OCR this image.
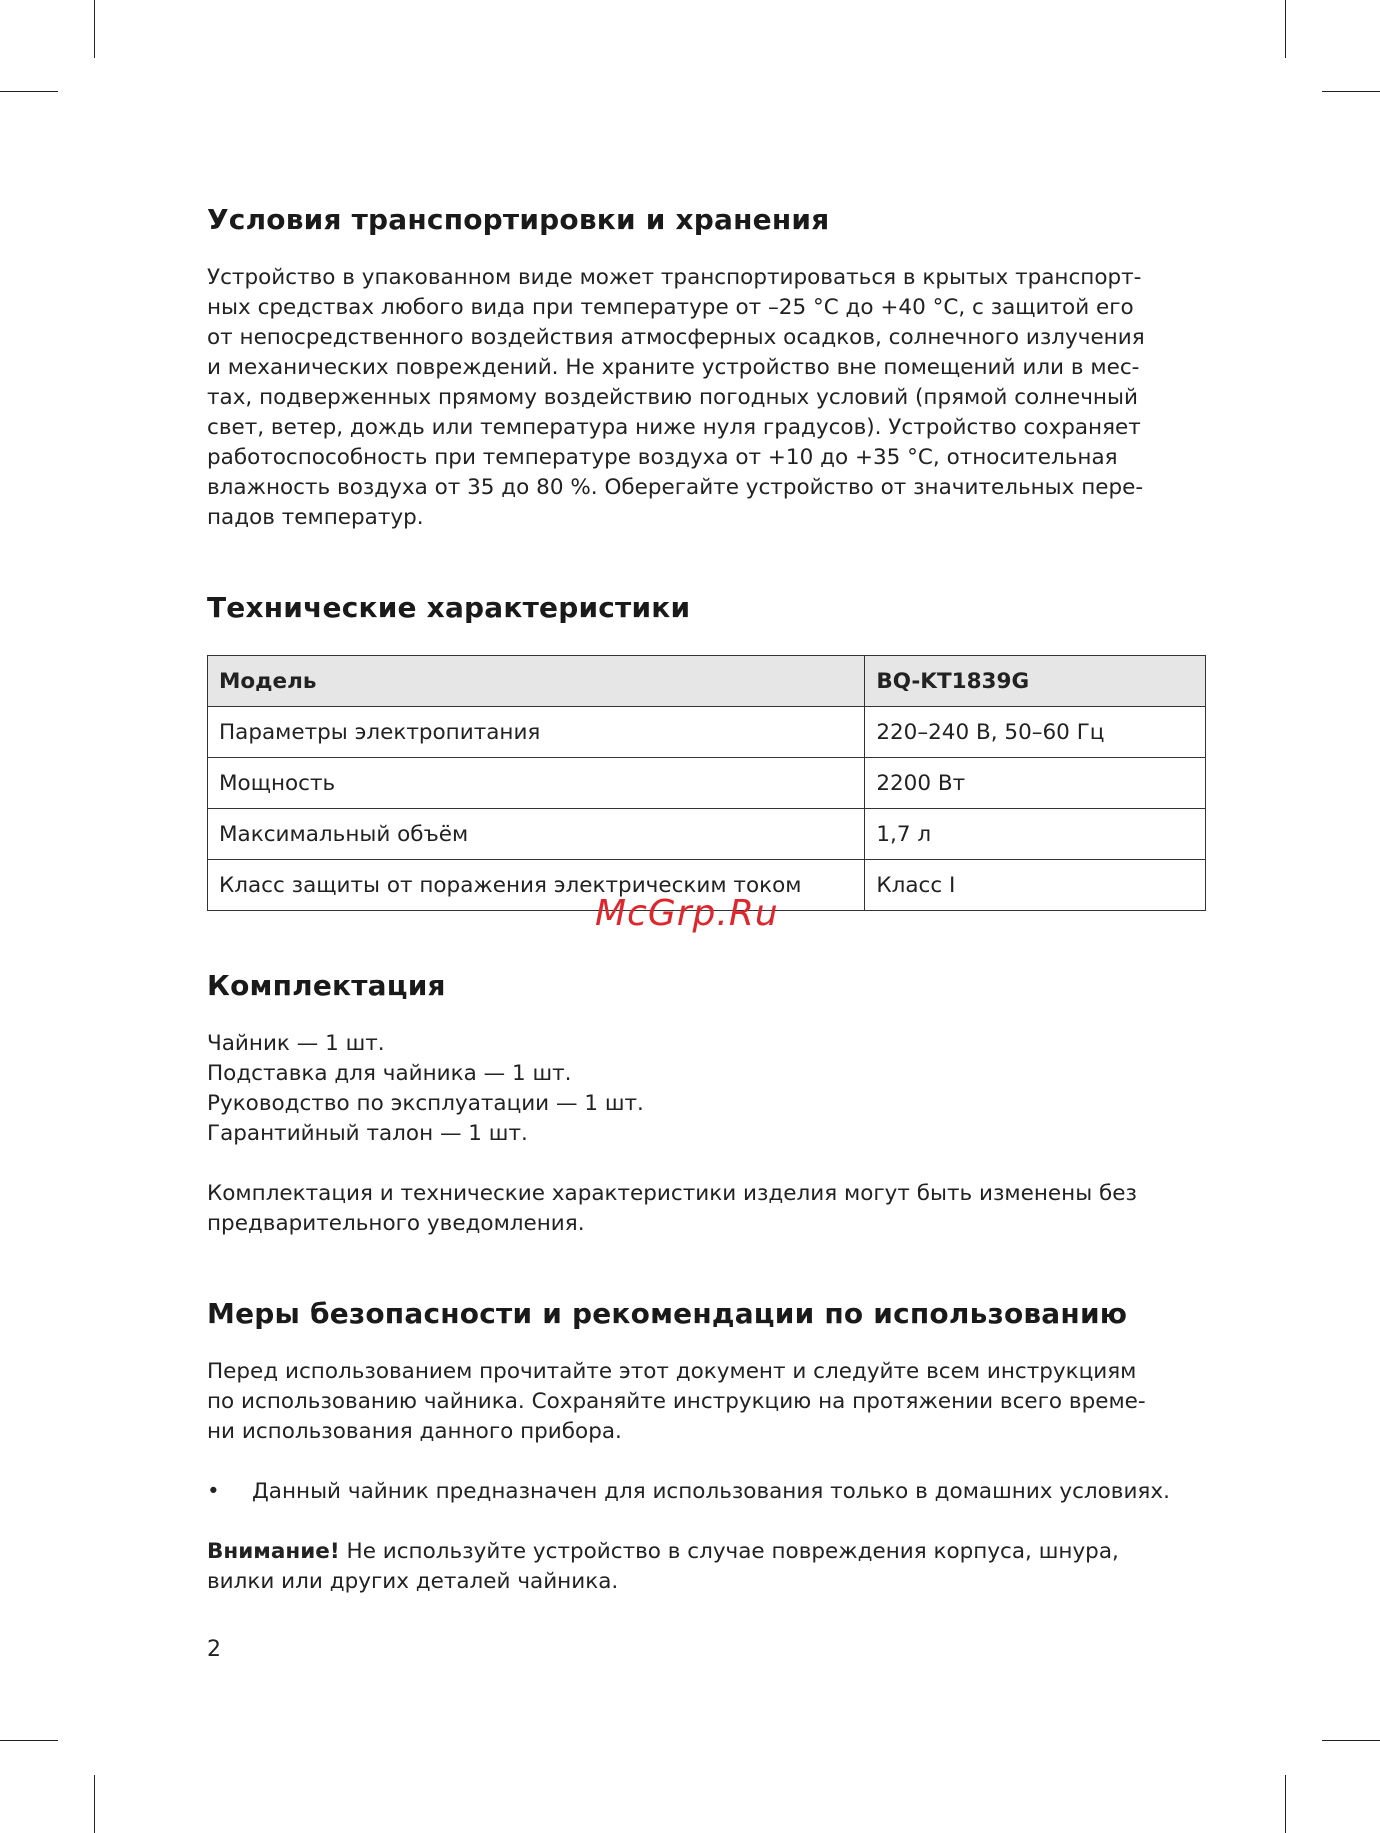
Условия транспортировки и хранения

Устройство в упакованном виде может транспортироваться в крытых транспорт-
ных средствах любого вида при температуре от –25 °С до +40 °С, с защитой его
от непосредственного воздействия атмосферных осадков, солнечного излучения
и механических повреждений. Не храните устройство вне помещений или в мес-
тах, подверженных прямому воздействию погодных условий (прямой солнечный
свет, ветер, дождь или температура ниже нуля градусов). Устройство сохраняет
работоспособность при температуре воздуха от +10 до +35 °С, относительная
влажность воздуха от 35 до 80 %. Оберегайте устройство от значительных пере-
падов температур.

Технические характеристики
Модель	BQ-KT1839G
Параметры электропитания	220–240 В, 50–60 Гц
Мощность	2200 Вт
Максимальный объём	1,7 л
Класс защиты от поражения электрическим током	Класс I
Комплектация

Чайник — 1 шт.
Подставка для чайника — 1 шт.
Руководство по эксплуатации — 1 шт.
Гарантийный талон — 1 шт.

Комплектация и технические характеристики изделия могут быть изменены без
предварительного уведомления.

Меры безопасности и рекомендации по использованию

Перед использованием прочитайте этот документ и следуйте всем инструкциям
по использованию чайника. Сохраняйте инструкцию на протяжении всего време-
ни использования данного прибора.

• Данный чайник предназначен для использования только в домашних условиях.

Внимание! Не используйте устройство в случае повреждения корпуса, шнура,
вилки или других деталей чайника.

McGrp.Ru
2
